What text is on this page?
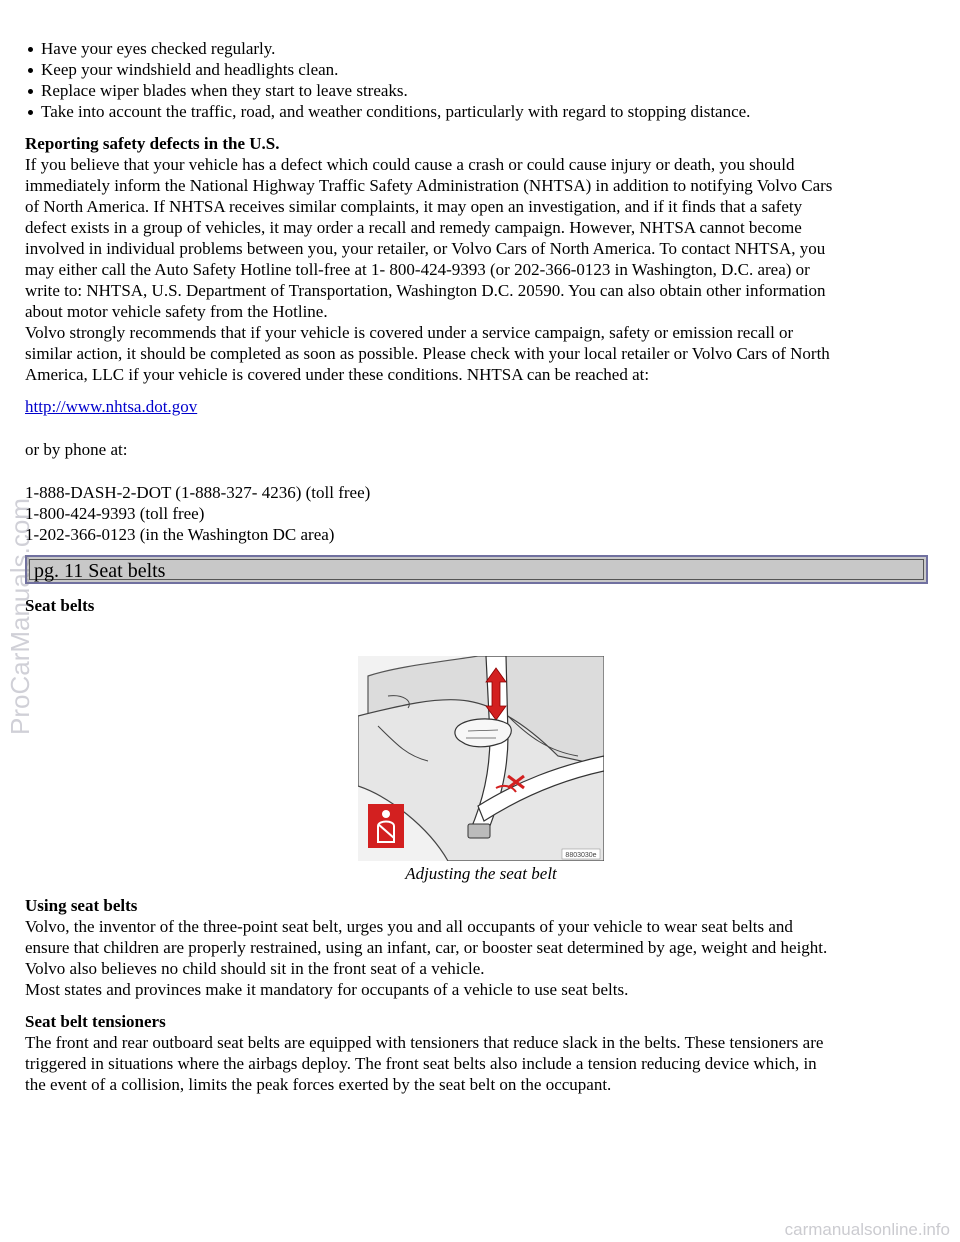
Have your eyes checked regularly.
Keep your windshield and headlights clean.
Replace wiper blades when they start to leave streaks.
Take into account the traffic, road, and weather conditions, particularly with regard to stopping distance.
Reporting safety defects in the U.S.
If you believe that your vehicle has a defect which could cause a crash or could cause injury or death, you should
immediately inform the National Highway Traffic Safety Administration (NHTSA) in addition to notifying Volvo Cars
of North America. If NHTSA receives similar complaints, it may open an investigation, and if it finds that a safety
defect exists in a group of vehicles, it may order a recall and remedy campaign. However, NHTSA cannot become
involved in individual problems between you, your retailer, or Volvo Cars of North America. To contact NHTSA, you
may either call the Auto Safety Hotline toll-free at 1- 800-424-9393 (or 202-366-0123 in Washington, D.C. area) or
write to: NHTSA, U.S. Department of Transportation, Washington D.C. 20590. You can also obtain other information
about motor vehicle safety from the Hotline.
Volvo strongly recommends that if your vehicle is covered under a service campaign, safety or emission recall or
similar action, it should be completed as soon as possible. Please check with your local retailer or Volvo Cars of North
America, LLC if your vehicle is covered under these conditions. NHTSA can be reached at:
http://www.nhtsa.dot.gov
or by phone at:
1-888-DASH-2-DOT (1-888-327- 4236) (toll free)
1-800-424-9393 (toll free)
1-202-366-0123 (in the Washington DC area)
pg. 11 Seat belts
Seat belts
8803030e
Adjusting the seat belt
Using seat belts
Volvo, the inventor of the three-point seat belt, urges you and all occupants of your vehicle to wear seat belts and
ensure that children are properly restrained, using an infant, car, or booster seat determined by age, weight and height.
Volvo also believes no child should sit in the front seat of a vehicle.
Most states and provinces make it mandatory for occupants of a vehicle to use seat belts.
Seat belt tensioners
The front and rear outboard seat belts are equipped with tensioners that reduce slack in the belts. These tensioners are
triggered in situations where the airbags deploy. The front seat belts also include a tension reducing device which, in
the event of a collision, limits the peak forces exerted by the seat belt on the occupant.
ProCarManuals.com
carmanualsonline.info
